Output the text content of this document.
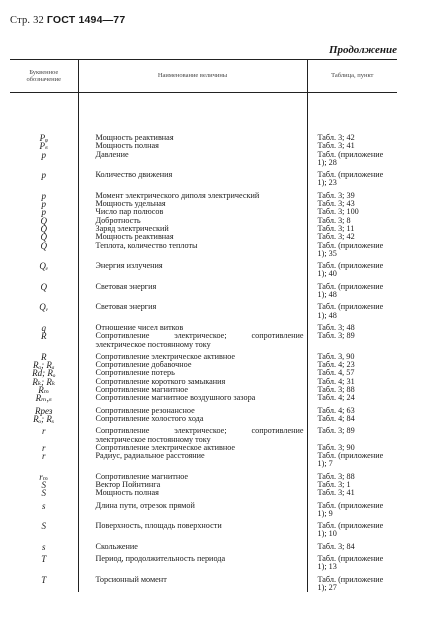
Стр. 32 ГОСТ 1494—77
Продолжение
Буквенное обозначение	Наименование величины	Таблица, пункт
Pᵩ	Мощность реактивная	Табл. 3; 42
Pₛ	Мощность полная	Табл. 3; 41
p	Давление	Табл. (приложение 1); 28
p	Количество движения	Табл. (приложение 1); 23
p	Момент электрического диполя электрический	Табл. 3; 39
p	Мощность удельная	Табл. 3; 43
p	Число пар полюсов	Табл. 3; 100
Q	Добротность	Табл. 3; 8
Q	Заряд электрический	Табл. 3; 11
Q	Мощность реактивная	Табл. 3; 42
Q	Теплота, количество теплоты	Табл. (приложение 1); 35
Qₑ	Энергия излучения	Табл. (приложение 1); 40
Q	Световая энергия	Табл. (приложение 1); 48
Qᵥ	Световая энергия	Табл. (приложение 1); 48
q	Отношение чисел витков	Табл. 3; 48
R	Сопротивление электрическое; сопротивление электрическое постоянному току	Табл. 3; 89
R	Сопротивление электрическое активное	Табл. 3, 90
Rₐ; Rₐ	Сопротивление добавочное	Табл. 4; 23
Rd; Rₒ	Сопротивление потерь	Табл. 4, 57
Rₖ; Rₖ	Сопротивление короткого замыкания	Табл. 4; 31
Rₘ	Сопротивление магнитное	Табл. 3; 88
Rₘ,ₛ	Сопротивление магнитное воздушного зазора	Табл. 4; 24
Rрез	Сопротивление резонансное	Табл. 4; 63
Rₒ; Rₓ	Сопротивление холостого хода	Табл. 4; 84
r	Сопротивление электрическое; сопротивление электрическое постоянному току	Табл. 3; 89
r	Сопротивление электрическое активное	Табл. 3; 90
r	Радиус, радиальное расстояние	Табл. (приложение 1); 7
rₘ	Сопротивление магнитное	Табл. 3; 88
S	Вектор Пойнтинга	Табл. 3; 1
S	Мощность полная	Табл. 3; 41
s	Длина пути, отрезок прямой	Табл. (приложение 1); 9
S	Поверхность, площадь поверхности	Табл. (приложение 1); 10
s	Скольжение	Табл. 3; 84
T	Период, продолжительность периода	Табл. (приложение 1); 13
T	Торсионный момент	Табл. (приложение 1); 27
